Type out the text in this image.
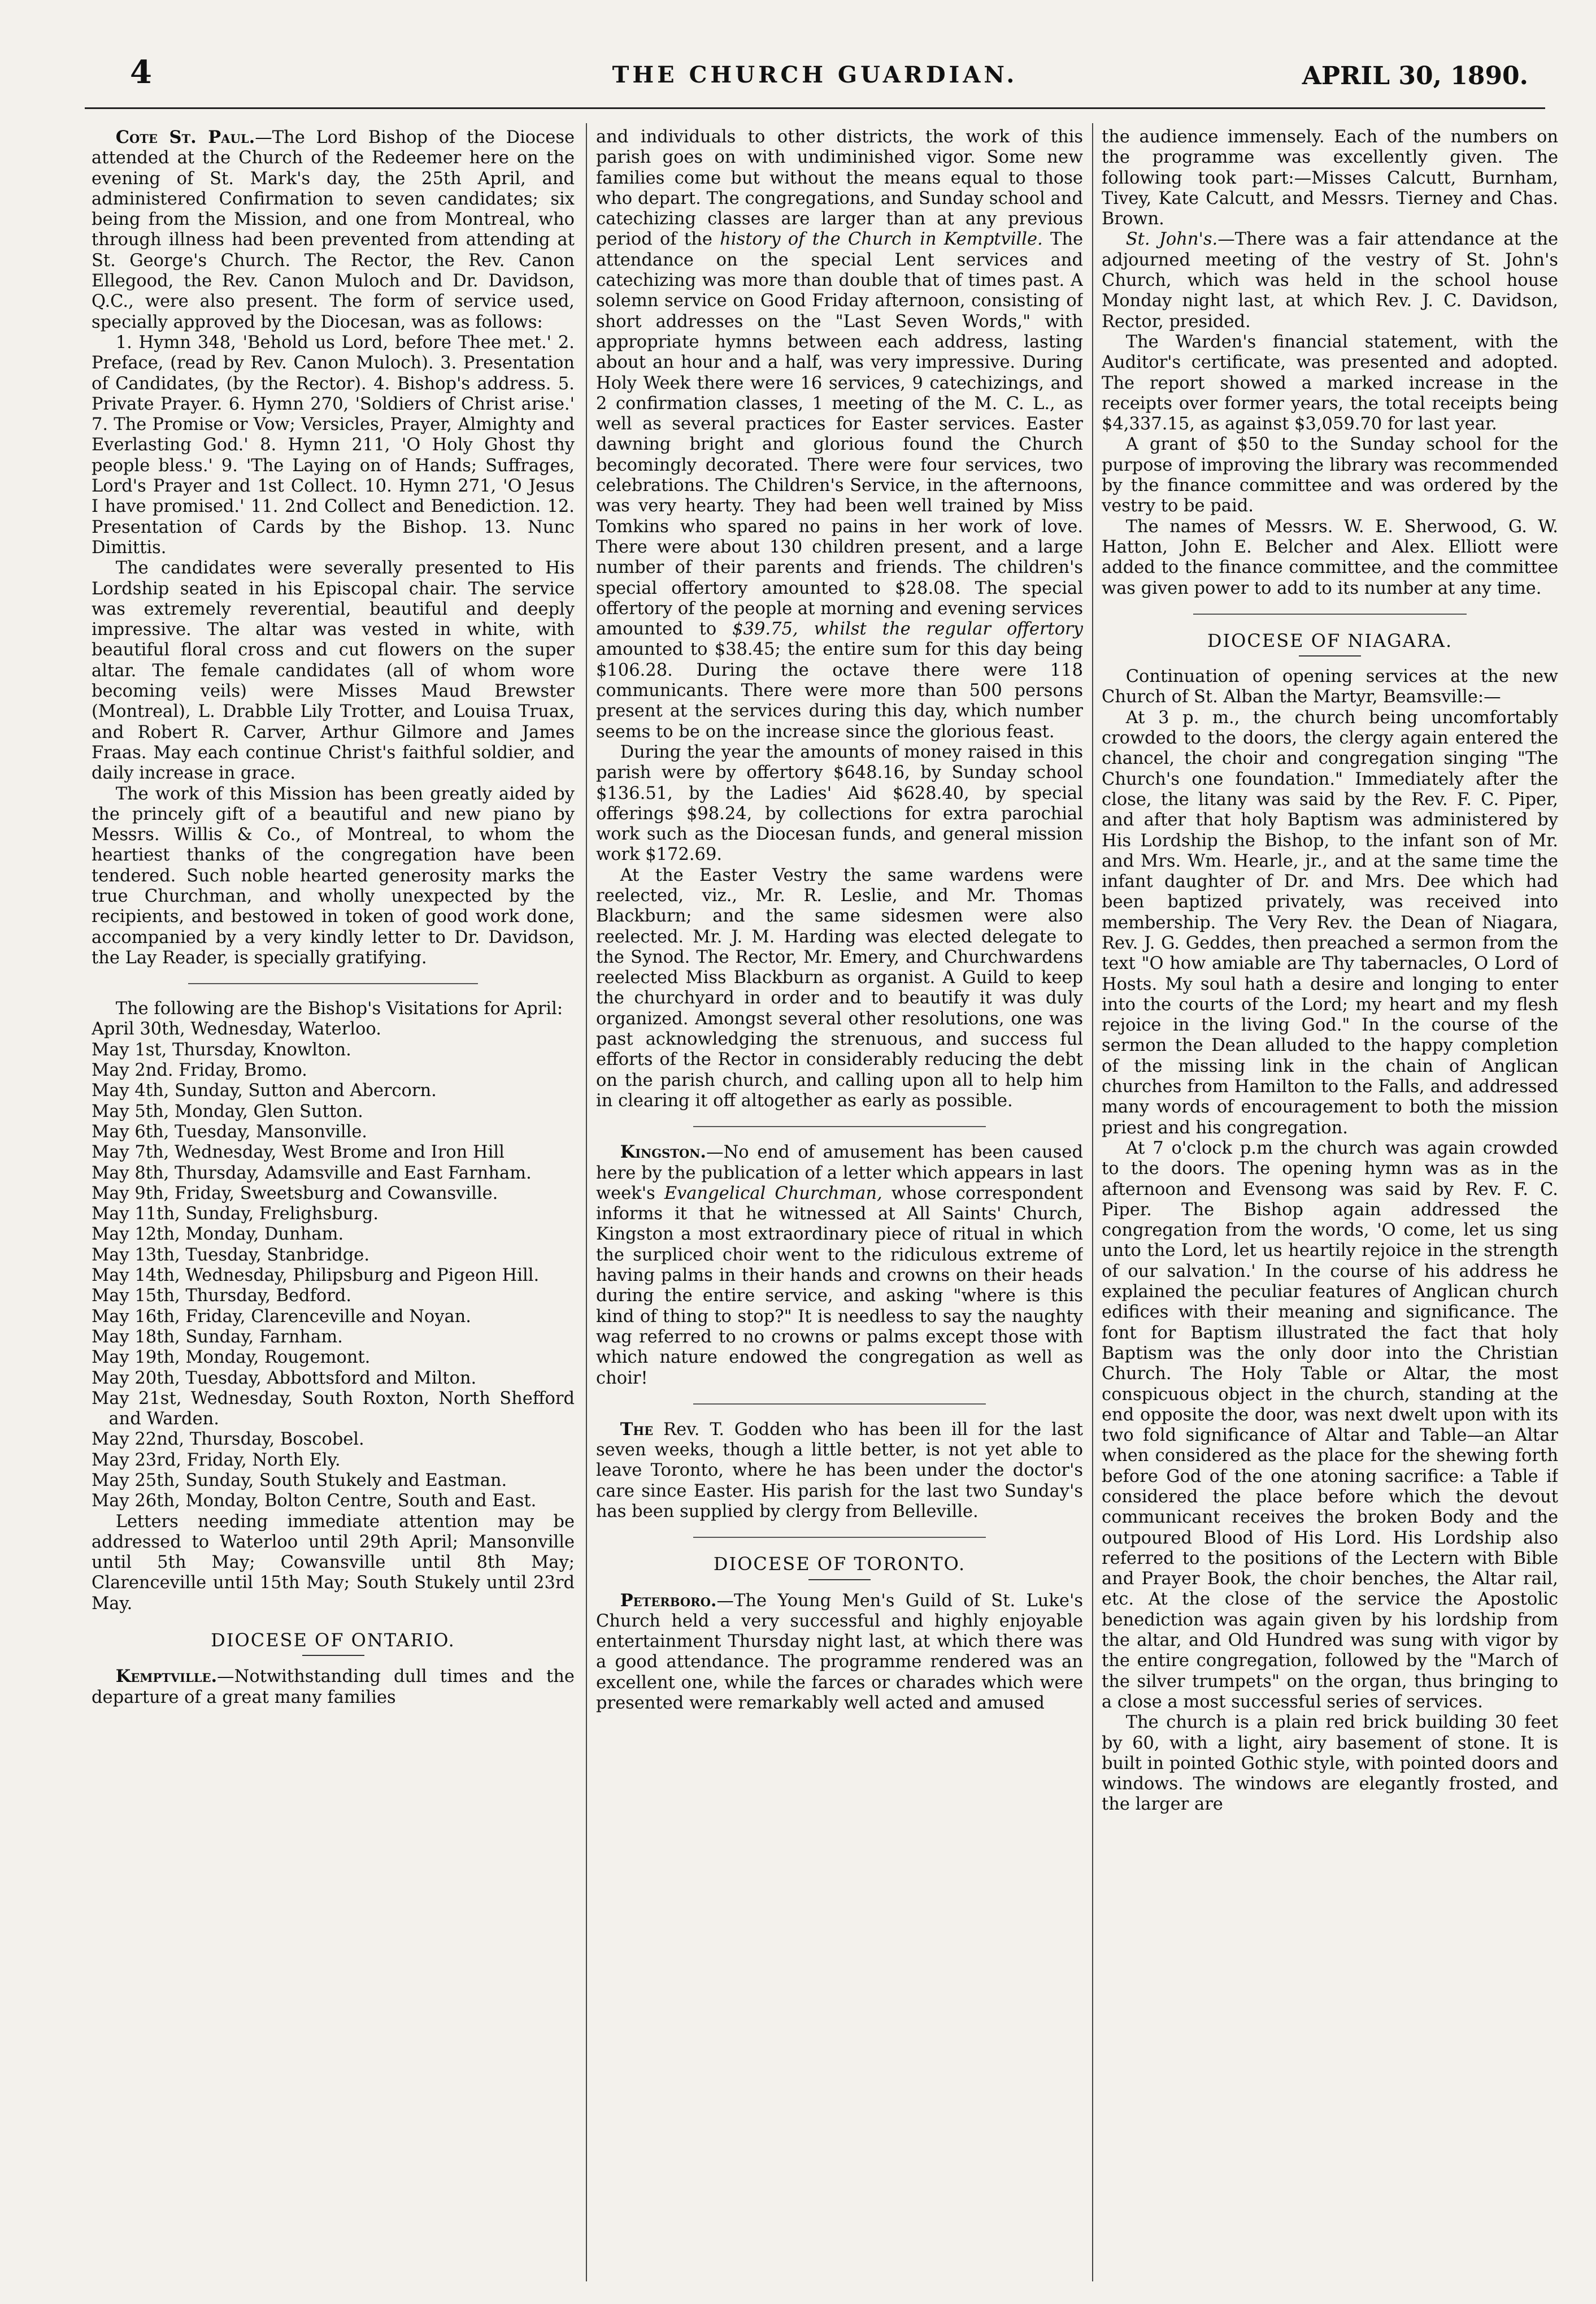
4	THE CHURCH GUARDIAN.	APRIL 30, 1890.

Cote St. Paul.—The Lord Bishop of the Diocese attended at the Church of the Redeemer here on the evening of St. Mark's day, the 25th April, and administered Confirmation to seven candidates; six being from the Mission, and one from Montreal, who through illness had been prevented from attending at St. George's Church. The Rector, the Rev. Canon Ellegood, the Rev. Canon Muloch and Dr. Davidson, Q.C., were also present. The form of service used, specially approved by the Diocesan, was as follows:

1. Hymn 348, 'Behold us Lord, before Thee met.' 2. Preface, (read by Rev. Canon Muloch). 3. Presentation of Candidates, (by the Rector). 4. Bishop's address. 5. Private Prayer. 6. Hymn 270, 'Soldiers of Christ arise.' 7. The Promise or Vow; Versicles, Prayer, Almighty and Everlasting God.' 8. Hymn 211, 'O Holy Ghost thy people bless.' 9. 'The Laying on of Hands; Suffrages, Lord's Prayer and 1st Collect. 10. Hymn 271, 'O Jesus I have promised.' 11. 2nd Collect and Benediction. 12. Presentation of Cards by the Bishop. 13. Nunc Dimittis.

The candidates were severally presented to His Lordship seated in his Episcopal chair. The service was extremely reverential, beautiful and deeply impressive. The altar was vested in white, with beautiful floral cross and cut flowers on the super altar. The female candidates (all of whom wore becoming veils) were Misses Maud Brewster (Montreal), L. Drabble Lily Trotter, and Louisa Truax, and Robert R. Carver, Arthur Gilmore and James Fraas. May each continue Christ's faithful soldier, and daily increase in grace.

The work of this Mission has been greatly aided by the princely gift of a beautiful and new piano by Messrs. Willis & Co., of Montreal, to whom the heartiest thanks of the congregation have been tendered. Such noble hearted generosity marks the true Churchman, and wholly unexpected by the recipients, and bestowed in token of good work done, accompanied by a very kindly letter to Dr. Davidson, the Lay Reader, is specially gratifying.

The following are the Bishop's Visitations for April:

April 30th, Wednesday, Waterloo.
May 1st, Thursday, Knowlton.
May 2nd. Friday, Bromo.
May 4th, Sunday, Sutton and Abercorn.
May 5th, Monday, Glen Sutton.
May 6th, Tuesday, Mansonville.
May 7th, Wednesday, West Brome and Iron Hill
May 8th, Thursday, Adamsville and East Farnham.
May 9th, Friday, Sweetsburg and Cowansville.
May 11th, Sunday, Frelighsburg.
May 12th, Monday, Dunham.
May 13th, Tuesday, Stanbridge.
May 14th, Wednesday, Philipsburg and Pigeon Hill.
May 15th, Thursday, Bedford.
May 16th, Friday, Clarenceville and Noyan.
May 18th, Sunday, Farnham.
May 19th, Monday, Rougemont.
May 20th, Tuesday, Abbottsford and Milton.
May 21st, Wednesday, South Roxton, North Shefford and Warden.
May 22nd, Thursday, Boscobel.
May 23rd, Friday, North Ely.
May 25th, Sunday, South Stukely and Eastman.
May 26th, Monday, Bolton Centre, South and East.

Letters needing immediate attention may be addressed to Waterloo until 29th April; Mansonville until 5th May; Cowansville until 8th May; Clarenceville until 15th May; South Stukely until 23rd May.

DIOCESE OF ONTARIO.

Kemptville.—Notwithstanding dull times and the departure of a great many families

and individuals to other districts, the work of this parish goes on with undiminished vigor. Some new families come but without the means equal to those who depart. The congregations, and Sunday school and catechizing classes are larger than at any previous period of the history of the Church in Kemptville. The attendance on the special Lent services and catechizing was more than double that of times past. A solemn service on Good Friday afternoon, consisting of short addresses on the "Last Seven Words," with appropriate hymns between each address, lasting about an hour and a half, was very impressive. During Holy Week there were 16 services, 9 catechizings, and 2 confirmation classes, 1 meeting of the M. C. L., as well as several practices for Easter services. Easter dawning bright and glorious found the Church becomingly decorated. There were four services, two celebrations. The Children's Service, in the afternoons, was very hearty. They had been well trained by Miss Tomkins who spared no pains in her work of love. There were about 130 children present, and a large number of their parents and friends. The children's special offertory amounted to $28.08. The special offertory of the people at morning and evening services amounted to $39.75, whilst the regular offertory amounted to $38.45; the entire sum for this day being $106.28. During the octave there were 118 communicants. There were more than 500 persons present at the services during this day, which number seems to be on the increase since the glorious feast.

During the year the amounts of money raised in this parish were by offertory $648.16, by Sunday school $136.51, by the Ladies' Aid $628.40, by special offerings $98.24, by collections for extra parochial work such as the Diocesan funds, and general mission work $172.69.

At the Easter Vestry the same wardens were reelected, viz., Mr. R. Leslie, and Mr. Thomas Blackburn; and the same sidesmen were also reelected. Mr. J. M. Harding was elected delegate to the Synod. The Rector, Mr. Emery, and Churchwardens reelected Miss Blackburn as organist. A Guild to keep the churchyard in order and to beautify it was duly organized. Amongst several other resolutions, one was past acknowledging the strenuous, and success ful efforts of the Rector in considerably reducing the debt on the parish church, and calling upon all to help him in clearing it off altogether as early as possible.

Kingston.—No end of amusement has been caused here by the publication of a letter which appears in last week's Evangelical Churchman, whose correspondent informs it that he witnessed at All Saints' Church, Kingston a most extraordinary piece of ritual in which the surpliced choir went to the ridiculous extreme of having palms in their hands and crowns on their heads during the entire service, and asking "where is this kind of thing to stop?" It is needless to say the naughty wag referred to no crowns or palms except those with which nature endowed the congregation as well as choir!

The Rev. T. Godden who has been ill for the last seven weeks, though a little better, is not yet able to leave Toronto, where he has been under the doctor's care since Easter. His parish for the last two Sunday's has been supplied by clergy from Belleville.

DIOCESE OF TORONTO.

Peterboro.—The Young Men's Guild of St. Luke's Church held a very successful and highly enjoyable entertainment Thursday night last, at which there was a good attendance. The programme rendered was an excellent one, while the farces or charades which were presented were remarkably well acted and amused

the audience immensely. Each of the numbers on the programme was excellently given. The following took part:—Misses Calcutt, Burnham, Tivey, Kate Calcutt, and Messrs. Tierney and Chas. Brown.

St. John's.—There was a fair attendance at the adjourned meeting of the vestry of St. John's Church, which was held in the school house Monday night last, at which Rev. J. C. Davidson, Rector, presided.

The Warden's financial statement, with the Auditor's certificate, was presented and adopted. The report showed a marked increase in the receipts over former years, the total receipts being $4,337.15, as against $3,059.70 for last year.

A grant of $50 to the Sunday school for the purpose of improving the library was recommended by the finance committee and was ordered by the vestry to be paid.

The names of Messrs. W. E. Sherwood, G. W. Hatton, John E. Belcher and Alex. Elliott were added to the finance committee, and the committee was given power to add to its number at any time.

DIOCESE OF NIAGARA.

Continuation of opening services at the new Church of St. Alban the Martyr, Beamsville:—

At 3 p. m., the church being uncomfortably crowded to the doors, the clergy again entered the chancel, the choir and congregation singing "The Church's one foundation." Immediately after the close, the litany was said by the Rev. F. C. Piper, and after that holy Baptism was administered by His Lordship the Bishop, to the infant son of Mr. and Mrs. Wm. Hearle, jr., and at the same time the infant daughter of Dr. and Mrs. Dee which had been baptized privately, was received into membership. The Very Rev. the Dean of Niagara, Rev. J. G. Geddes, then preached a sermon from the text "O how amiable are Thy tabernacles, O Lord of Hosts. My soul hath a desire and longing to enter into the courts of the Lord; my heart and my flesh rejoice in the living God." In the course of the sermon the Dean alluded to the happy completion of the missing link in the chain of Anglican churches from Hamilton to the Falls, and addressed many words of encouragement to both the mission priest and his congregation.

At 7 o'clock p.m the church was again crowded to the doors. The opening hymn was as in the afternoon and Evensong was said by Rev. F. C. Piper. The Bishop again addressed the congregation from the words, 'O come, let us sing unto the Lord, let us heartily rejoice in the strength of our salvation.' In the course of his address he explained the peculiar features of Anglican church edifices with their meaning and significance. The font for Baptism illustrated the fact that holy Baptism was the only door into the Christian Church. The Holy Table or Altar, the most conspicuous object in the church, standing at the end opposite the door, was next dwelt upon with its two fold significance of Altar and Table—an Altar when considered as the place for the shewing forth before God of the one atoning sacrifice: a Table if considered the place before which the devout communicant receives the broken Body and the outpoured Blood of His Lord. His Lordship also referred to the positions of the Lectern with Bible and Prayer Book, the choir benches, the Altar rail, etc. At the close of the service the Apostolic benediction was again given by his lordship from the altar, and Old Hundred was sung with vigor by the entire congregation, followed by the "March of the silver trumpets" on the organ, thus bringing to a close a most successful series of services.

The church is a plain red brick building 30 feet by 60, with a light, airy basement of stone. It is built in pointed Gothic style, with pointed doors and windows. The windows are elegantly frosted, and the larger are
